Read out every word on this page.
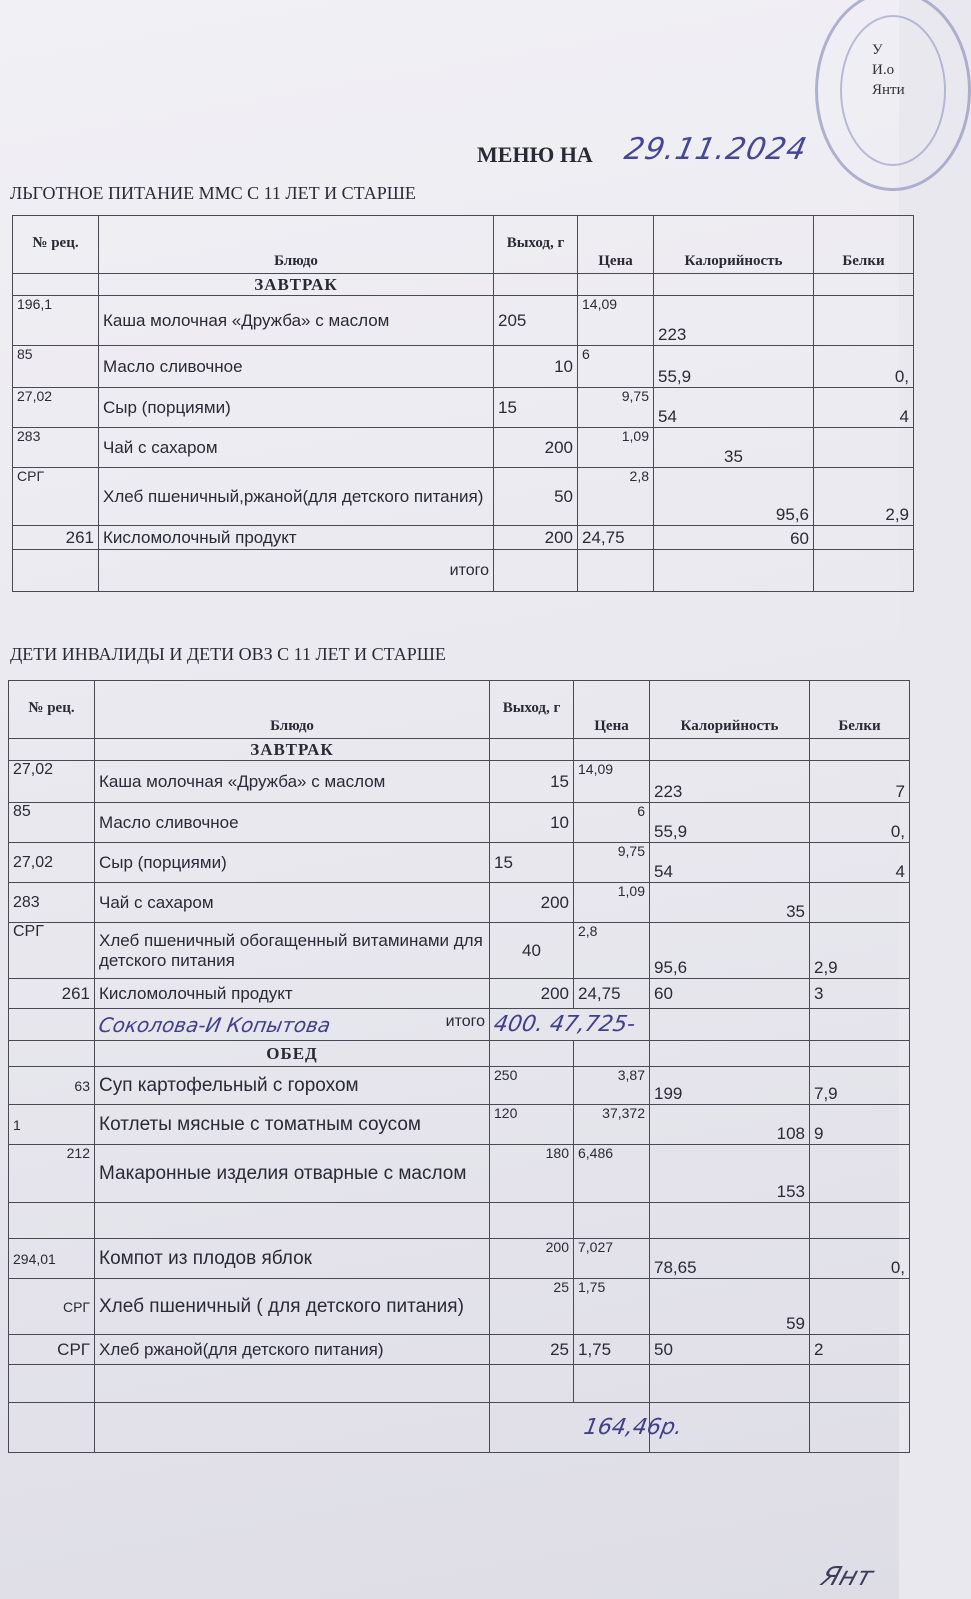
У
И.о
Янти
МЕНЮ НА 29.11.2024
ЛЬГОТНОЕ ПИТАНИЕ ММС С 11 ЛЕТ И СТАРШЕ
№ рец.	Блюдо	Выход, г	Цена	Калорийность	Белки
	ЗАВТРАК				
196,1	Каша молочная «Дружба» с маслом	205	14,09	223	
85	Масло сливочное	10	6	55,9	0,
27,02	Сыр (порциями)	15	9,75	54	4
283	Чай с сахаром	200	1,09	35	
СРГ	Хлеб пшеничный,ржаной(для детского питания)	50	2,8	95,6	2,9
261	Кисломолочный продукт	200	24,75	60	
	итого				
ДЕТИ ИНВАЛИДЫ И ДЕТИ ОВЗ С 11 ЛЕТ И СТАРШЕ
№ рец.	Блюдо	Выход, г	Цена	Калорийность	Белки
	ЗАВТРАК				
27,02	Каша молочная «Дружба» с маслом	15	14,09	223	7
85	Масло сливочное	10	6	55,9	0,
27,02	Сыр (порциями)	15	9,75	54	4
283	Чай с сахаром	200	1,09	35	
СРГ	Хлеб пшеничный обогащенный витаминами для детского питания	40	2,8	95,6	2,9
261	Кисломолочный продукт	200	24,75	60	3

	Соколова-И Копытова итого	400. 47,725-			
	ОБЕД				
63	Суп картофельный с горохом	250	3,87	199	7,9
1	Котлеты мясные с томатным соусом	120	37,372	108	9
212	Макаронные изделия отварные с маслом	180	6,486	153	

294,01	Компот из плодов яблок	200	7,027	78,65	0,
СРГ	Хлеб пшеничный ( для детского питания)	25	1,75	59	
СРГ	Хлеб ржаной(для детского питания)	25	1,75	50	2

		164,46р.			
Янт
